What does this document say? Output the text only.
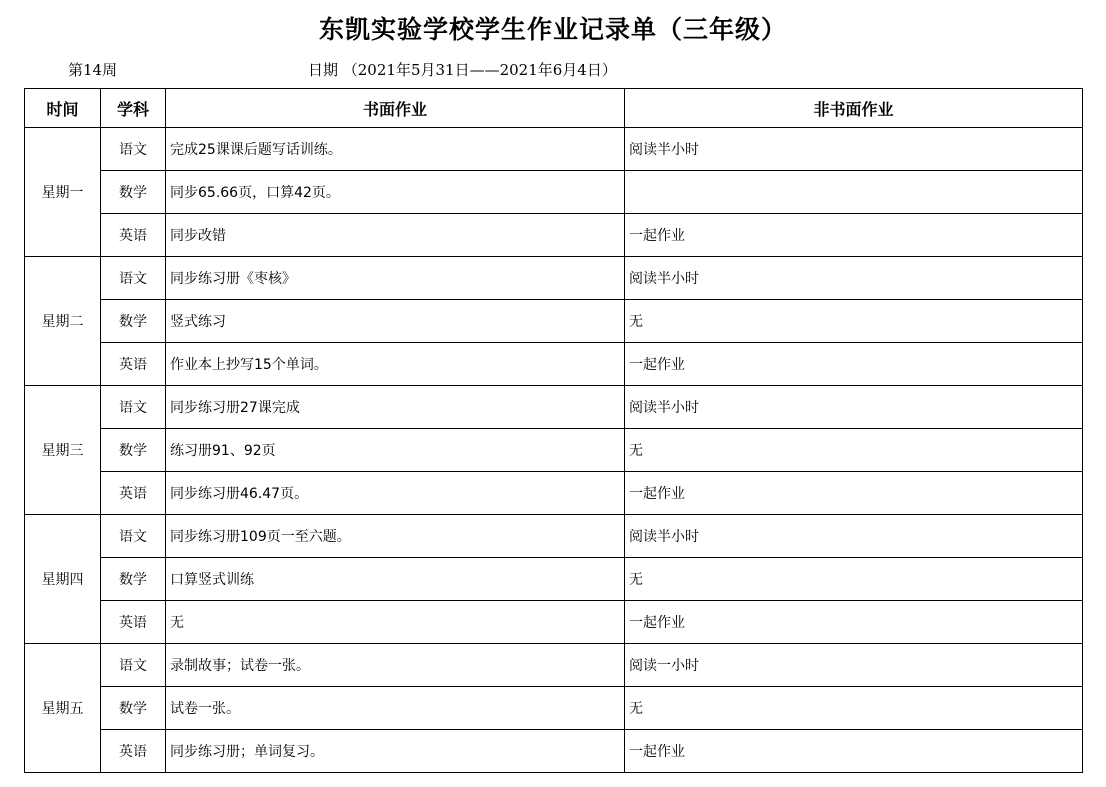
东凯实验学校学生作业记录单（三年级）
第14周	日期 （2021年5月31日——2021年6月4日）
时间	学科	书面作业	非书面作业
星期一	语文	完成25课课后题写话训练。	阅读半小时
	数学	同步65.66页，口算42页。	
	英语	同步改错	一起作业
星期二	语文	同步练习册《枣核》	阅读半小时
	数学	竖式练习	无
	英语	作业本上抄写15个单词。	一起作业
星期三	语文	同步练习册27课完成	阅读半小时
	数学	练习册91、92页	无
	英语	同步练习册46.47页。	一起作业
星期四	语文	同步练习册109页一至六题。	阅读半小时
	数学	口算竖式训练	无
	英语	无	一起作业
星期五	语文	录制故事；试卷一张。	阅读一小时
	数学	试卷一张。	无
	英语	同步练习册；单词复习。	一起作业
